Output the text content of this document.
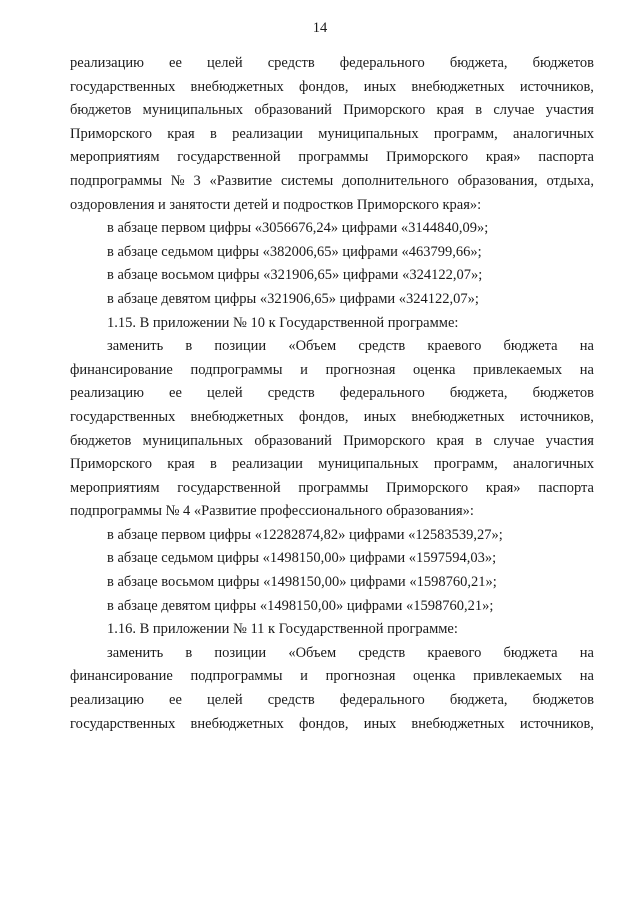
14
реализацию ее целей средств федерального бюджета, бюджетов
государственных внебюджетных фондов, иных внебюджетных источников,
бюджетов муниципальных образований Приморского края в случае участия
Приморского края в реализации муниципальных программ, аналогичных
мероприятиям государственной программы Приморского края» паспорта
подпрограммы № 3 «Развитие системы дополнительного образования, отдыха,
оздоровления и занятости детей и подростков Приморского края»:
в абзаце первом цифры «3056676,24» цифрами «3144840,09»;
в абзаце седьмом цифры «382006,65» цифрами «463799,66»;
в абзаце восьмом цифры «321906,65» цифрами «324122,07»;
в абзаце девятом цифры «321906,65» цифрами «324122,07»;
1.15. В приложении № 10 к Государственной программе:
заменить в позиции «Объем средств краевого бюджета на
финансирование подпрограммы и прогнозная оценка привлекаемых на
реализацию ее целей средств федерального бюджета, бюджетов
государственных внебюджетных фондов, иных внебюджетных источников,
бюджетов муниципальных образований Приморского края в случае участия
Приморского края в реализации муниципальных программ, аналогичных
мероприятиям государственной программы Приморского края» паспорта
подпрограммы № 4 «Развитие профессионального образования»:
в абзаце первом цифры «12282874,82» цифрами «12583539,27»;
в абзаце седьмом цифры «1498150,00» цифрами «1597594,03»;
в абзаце восьмом цифры «1498150,00» цифрами «1598760,21»;
в абзаце девятом цифры «1498150,00» цифрами «1598760,21»;
1.16. В приложении № 11 к Государственной программе:
заменить в позиции «Объем средств краевого бюджета на
финансирование подпрограммы и прогнозная оценка привлекаемых на
реализацию ее целей средств федерального бюджета, бюджетов
государственных внебюджетных фондов, иных внебюджетных источников,
